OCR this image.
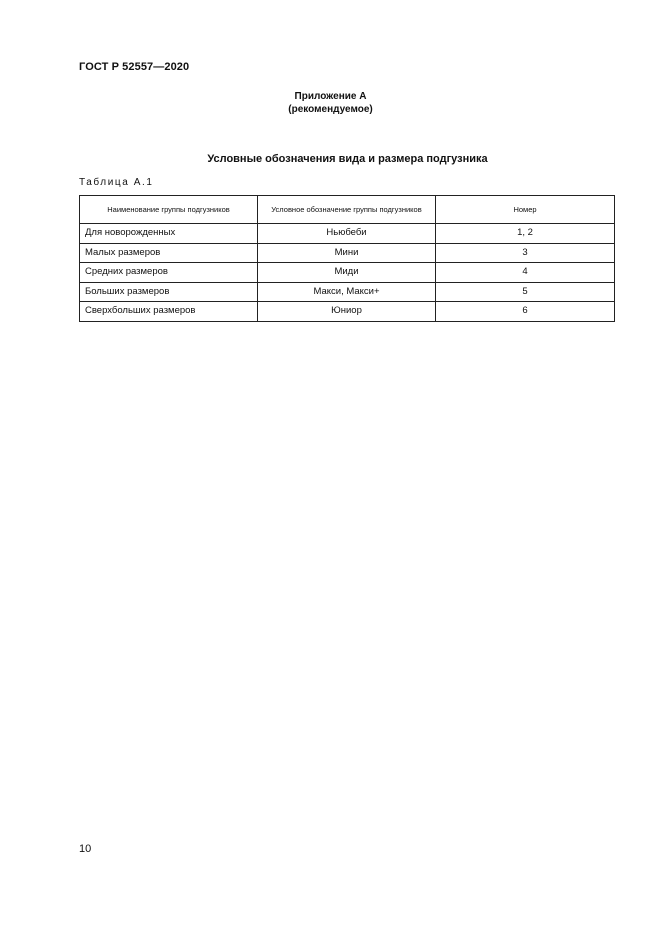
ГОСТ Р 52557—2020
Приложение А
(рекомендуемое)
Условные обозначения вида и размера подгузника
Таблица А.1
Наименование группы подгузников	Условное обозначение группы подгузников	Номер
Для новорожденных	Ньюбеби	1, 2
Малых размеров	Мини	3
Средних размеров	Миди	4
Больших размеров	Макси, Макси+	5
Сверхбольших размеров	Юниор	6
10
